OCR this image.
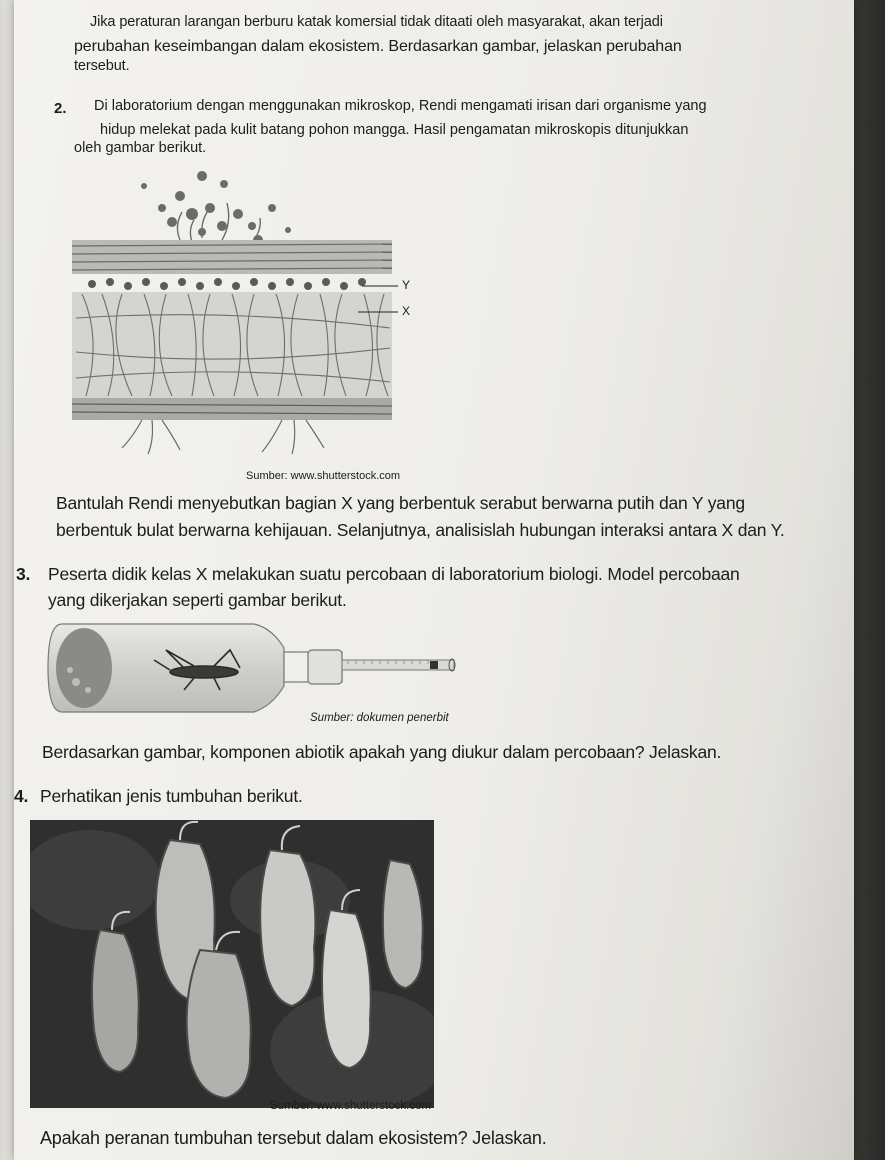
Jika peraturan larangan berburu katak komersial tidak ditaati oleh masyarakat, akan terjadi
perubahan keseimbangan dalam ekosistem. Berdasarkan gambar, jelaskan perubahan
tersebut.
2. Di laboratorium dengan menggunakan mikroskop, Rendi mengamati irisan dari organisme yang
hidup melekat pada kulit batang pohon mangga. Hasil pengamatan mikroskopis ditunjukkan
oleh gambar berikut.
Y
X
Sumber: www.shutterstock.com
Bantulah Rendi menyebutkan bagian X yang berbentuk serabut berwarna putih dan Y yang
berbentuk bulat berwarna kehijauan. Selanjutnya, analisislah hubungan interaksi antara X dan Y.
3. Peserta didik kelas X melakukan suatu percobaan di laboratorium biologi. Model percobaan
yang dikerjakan seperti gambar berikut.
Sumber: dokumen penerbit
Berdasarkan gambar, komponen abiotik apakah yang diukur dalam percobaan? Jelaskan.
4. Perhatikan jenis tumbuhan berikut.
Sumber: www.shutterstock.com
Apakah peranan tumbuhan tersebut dalam ekosistem? Jelaskan.
